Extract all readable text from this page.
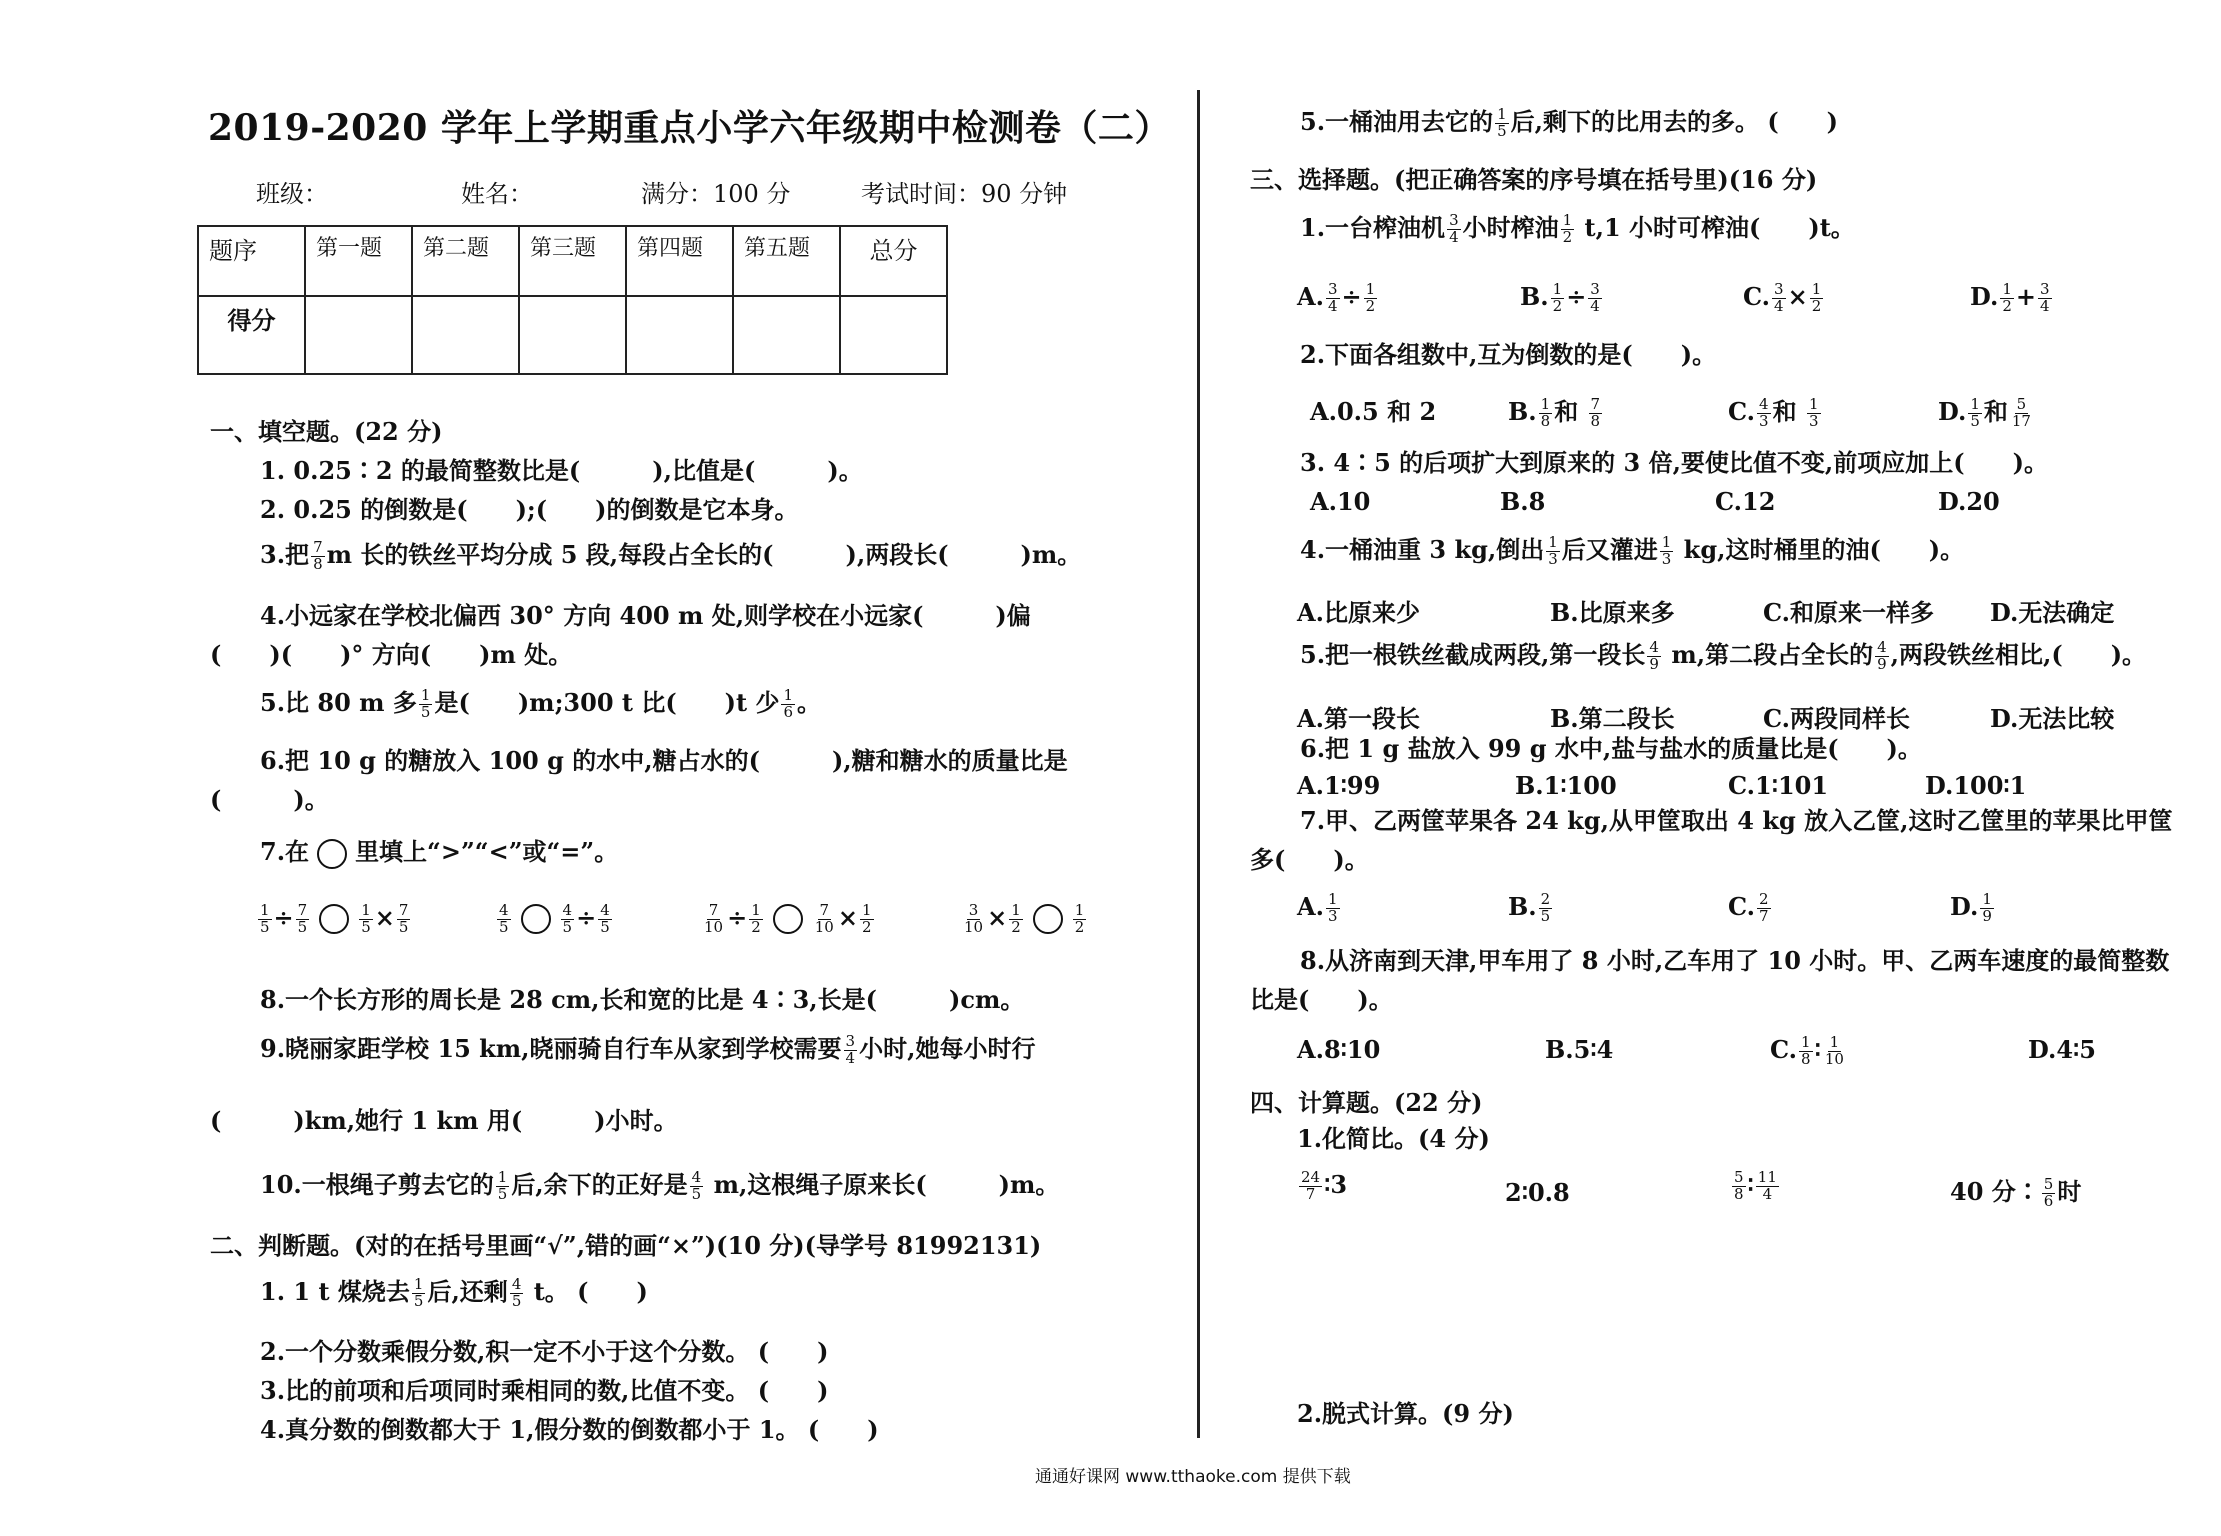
2019-2020 学年上学期重点小学六年级期中检测卷（二）
班级：	姓名：	满分：100 分	考试时间：90 分钟
题序	第一题	第二题	第三题	第四题	第五题	总分
得分						
一、填空题。(22 分)
1. 0.25∶2 的最简整数比是(　　　),比值是(　　　)。
2. 0.25 的倒数是(　　);(　　)的倒数是它本身。
3.把 $\frac{7}{8}$ m 长的铁丝平均分成 5 段,每段占全长的(　　　),两段长(　　　)m。
4.小远家在学校北偏西 30° 方向 400 m 处,则学校在小远家(　　　)偏
(　　)(　　)° 方向(　　)m 处。
5.比 80 m 多 $\frac{1}{5}$ 是(　　)m;300 t 比(　　)t 少 $\frac{1}{6}$ 。
6.把 10 g 的糖放入 100 g 的水中,糖占水的(　　　),糖和糖水的质量比是
(　　　)。
7.在 里填上“>”“<”或“=”。
$\frac{1}{5} \div \frac{7}{5}$	$\frac{1}{5} \times \frac{7}{5}$	$\frac{4}{5}$	$\frac{4}{5} \div \frac{4}{5}$	$\frac{7}{10} \div \frac{1}{2}$	$\frac{7}{10} \times \frac{1}{2}$	$\frac{3}{10} \times \frac{1}{2}$	$\frac{1}{2}$
8.一个长方形的周长是 28 cm,长和宽的比是 4∶3,长是(　　　)cm。
9.晓丽家距学校 15 km,晓丽骑自行车从家到学校需要 $\frac{3}{4}$ 小时,她每小时行
(　　　)km,她行 1 km 用(　　　)小时。
10.一根绳子剪去它的 $\frac{1}{5}$ 后,余下的正好是 $\frac{4}{5} m$,这根绳子原来长(　　　)m。
二、判断题。(对的在括号里画“√”,错的画“×”)(10 分)(导学号 81992131)
1. 1 t 煤烧去 $\frac{1}{5}$ 后,还剩 $\frac{4}{5}$ t。 (　　)
2.一个分数乘假分数,积一定不小于这个分数。 (　　)
3.比的前项和后项同时乘相同的数,比值不变。 (　　)
4.真分数的倒数都大于 1,假分数的倒数都小于 1。 (　　)
5.一桶油用去它的 $\frac{1}{5}$ 后,剩下的比用去的多。 (　　)
三、选择题。(把正确答案的序号填在括号里)(16 分)
1.一台榨油机 $\frac{3}{4}$ 小时榨油 $\frac{1}{2} t,1$ 小时可榨油(　　)t。
A. $\frac{3}{4} \div \frac{1}{2}$	B. $\frac{1}{2} \div \frac{3}{4}$	C. $\frac{3}{4} \times \frac{1}{2}$	D. $\frac{1}{2} + \frac{3}{4}$
2.下面各组数中,互为倒数的是(　　)。
A.0.5 和 2	B. $\frac{1}{8}$ 和 $\frac{7}{8}$	C. $\frac{4}{3}$ 和 $\frac{1}{3}$	D. $\frac{1}{5}$ 和 $\frac{5}{17}$
3. 4∶5 的后项扩大到原来的 3 倍,要使比值不变,前项应加上(　　)。
A.10	B.8	C.12	D.20
4.一桶油重 3 kg,倒出 $\frac{1}{3}$ 后又灌进 $\frac{1}{3}$ kg,这时桶里的油(　　)。
A.比原来少	B.比原来多	C.和原来一样多 D.无法确定
5.把一根铁丝截成两段,第一段长 $\frac{4}{9} m$,第二段占全长的 $\frac{4}{9}$ ,两段铁丝相比,(　　)。
A.第一段长	B.第二段长	C.两段同样长	D.无法比较
6.把 1 g 盐放入 99 g 水中,盐与盐水的质量比是(　　)。
A.1∶99	B.1∶100	C.1∶101	D.100∶1
7.甲、乙两筐苹果各 24 kg,从甲筐取出 4 kg 放入乙筐,这时乙筐里的苹果比甲筐
多(　　)。
A. $\frac{1}{3}$	B. $\frac{2}{5}$	C. $\frac{2}{7}$	D. $\frac{1}{9}$
8.从济南到天津,甲车用了 8 小时,乙车用了 10 小时。甲、乙两车速度的最简整数
比是(　　)。
A.8∶10	B.5∶4	C. $\frac{1}{8}$ ∶ $\frac{1}{10}$	D.4∶5
四、计算题。(22 分)
1.化简比。(4 分)
$\frac{24}{7}$ ∶3	2∶0.8	$\frac{5}{8}$ ∶ $\frac{11}{4}$	40 分∶ $\frac{5}{6}$ 时
2.脱式计算。(9 分)
通通好课网 www.tthaoke.com 提供下载
